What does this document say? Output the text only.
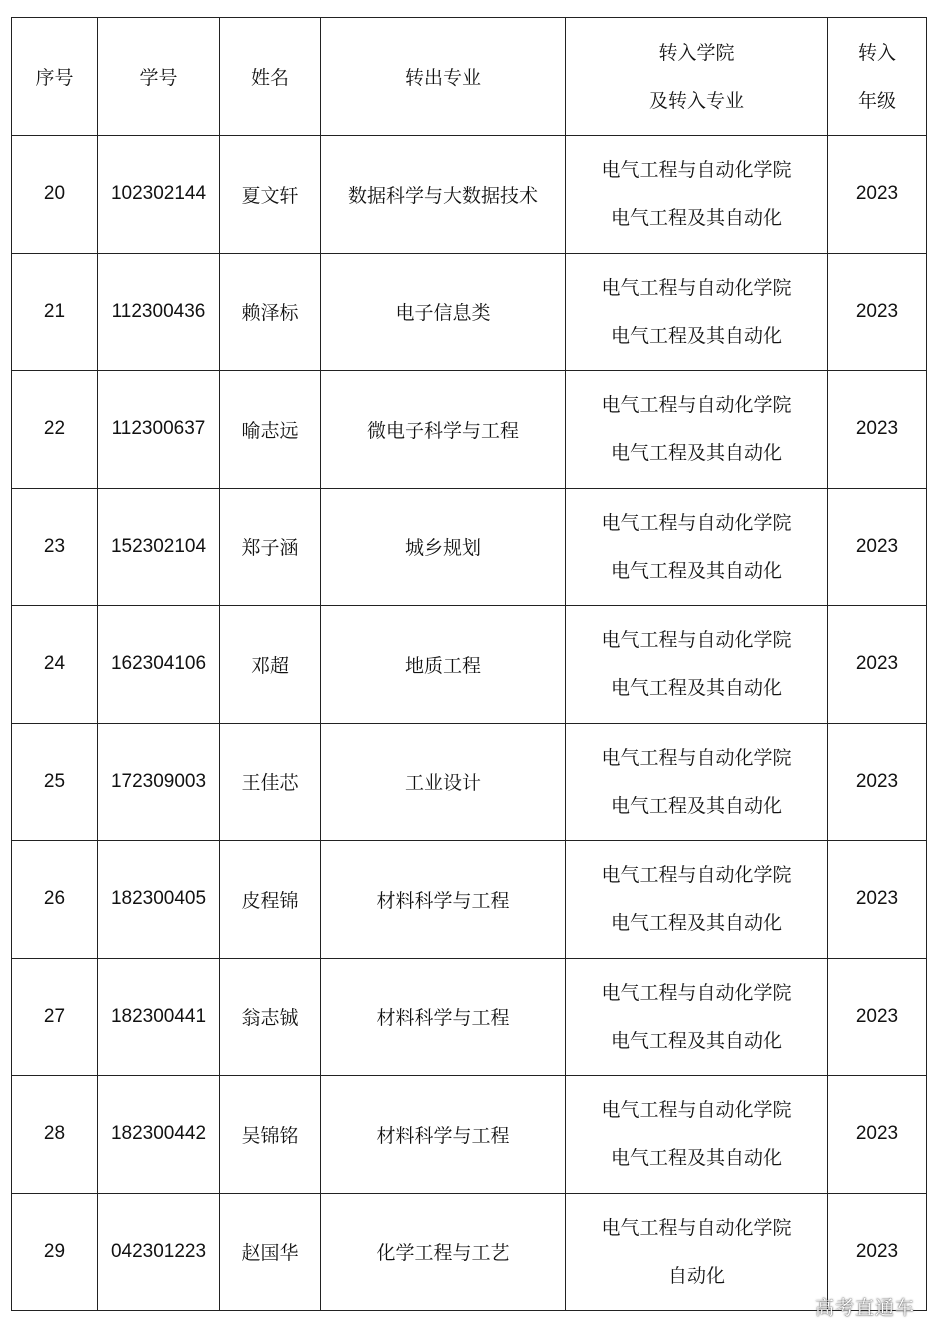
序号	学号	姓名	转出专业	转入学院
及转入专业	转入
年级

20	102302144	夏文轩	数据科学与大数据技术	电气工程与自动化学院
电气工程及其自动化	2023
21	112300436	赖泽标	电子信息类	电气工程与自动化学院
电气工程及其自动化	2023
22	112300637	喻志远	微电子科学与工程	电气工程与自动化学院
电气工程及其自动化	2023
23	152302104	郑子涵	城乡规划	电气工程与自动化学院
电气工程及其自动化	2023
24	162304106	邓超	地质工程	电气工程与自动化学院
电气工程及其自动化	2023
25	172309003	王佳芯	工业设计	电气工程与自动化学院
电气工程及其自动化	2023
26	182300405	皮程锦	材料科学与工程	电气工程与自动化学院
电气工程及其自动化	2023
27	182300441	翁志铖	材料科学与工程	电气工程与自动化学院
电气工程及其自动化	2023
28	182300442	吴锦铭	材料科学与工程	电气工程与自动化学院
电气工程及其自动化	2023
29	042301223	赵国华	化学工程与工艺	电气工程与自动化学院
自动化	2023
高考直通车
